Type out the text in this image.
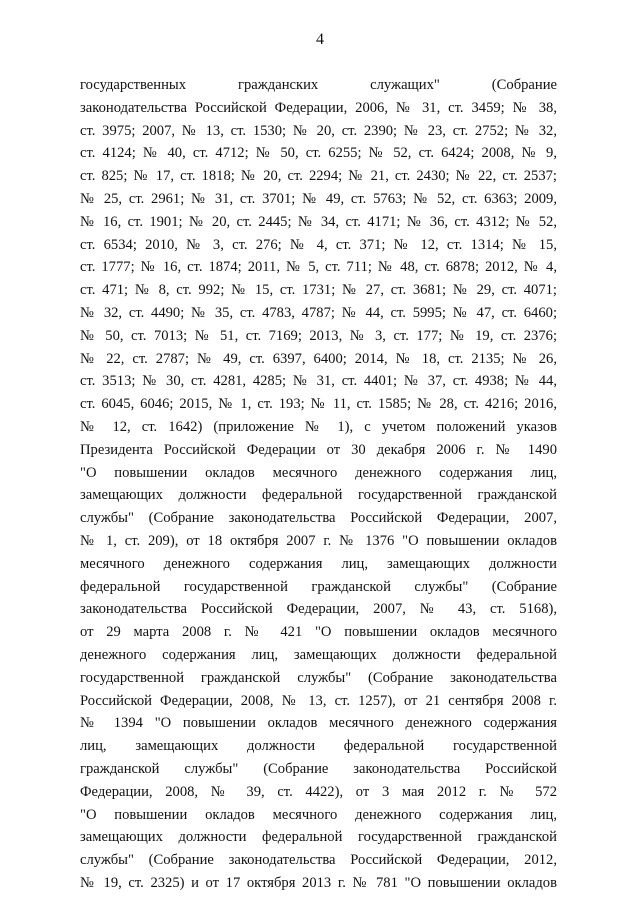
4
государственных гражданских служащих" (Собрание
законодательства Российской Федерации, 2006, № 31, ст. 3459; № 38,
ст. 3975; 2007, № 13, ст. 1530; № 20, ст. 2390; № 23, ст. 2752; № 32,
ст. 4124; № 40, ст. 4712; № 50, ст. 6255; № 52, ст. 6424; 2008, № 9,
ст. 825; № 17, ст. 1818; № 20, ст. 2294; № 21, ст. 2430; № 22, ст. 2537;
№ 25, ст. 2961; № 31, ст. 3701; № 49, ст. 5763; № 52, ст. 6363; 2009,
№ 16, ст. 1901; № 20, ст. 2445; № 34, ст. 4171; № 36, ст. 4312; № 52,
ст. 6534; 2010, № 3, ст. 276; № 4, ст. 371; № 12, ст. 1314; № 15,
ст. 1777; № 16, ст. 1874; 2011, № 5, ст. 711; № 48, ст. 6878; 2012, № 4,
ст. 471; № 8, ст. 992; № 15, ст. 1731; № 27, ст. 3681; № 29, ст. 4071;
№ 32, ст. 4490; № 35, ст. 4783, 4787; № 44, ст. 5995; № 47, ст. 6460;
№ 50, ст. 7013; № 51, ст. 7169; 2013, № 3, ст. 177; № 19, ст. 2376;
№ 22, ст. 2787; № 49, ст. 6397, 6400; 2014, № 18, ст. 2135; № 26,
ст. 3513; № 30, ст. 4281, 4285; № 31, ст. 4401; № 37, ст. 4938; № 44,
ст. 6045, 6046; 2015, № 1, ст. 193; № 11, ст. 1585; № 28, ст. 4216; 2016,
№ 12, ст. 1642) (приложение № 1), с учетом положений указов
Президента Российской Федерации от 30 декабря 2006 г. № 1490
"О повышении окладов месячного денежного содержания лиц,
замещающих должности федеральной государственной гражданской
службы" (Собрание законодательства Российской Федерации, 2007,
№ 1, ст. 209), от 18 октября 2007 г. № 1376 "О повышении окладов
месячного денежного содержания лиц, замещающих должности
федеральной государственной гражданской службы" (Собрание
законодательства Российской Федерации, 2007, № 43, ст. 5168),
от 29 марта 2008 г. № 421 "О повышении окладов месячного
денежного содержания лиц, замещающих должности федеральной
государственной гражданской службы" (Собрание законодательства
Российской Федерации, 2008, № 13, ст. 1257), от 21 сентября 2008 г.
№ 1394 "О повышении окладов месячного денежного содержания
лиц, замещающих должности федеральной государственной
гражданской службы" (Собрание законодательства Российской
Федерации, 2008, № 39, ст. 4422), от 3 мая 2012 г. № 572
"О повышении окладов месячного денежного содержания лиц,
замещающих должности федеральной государственной гражданской
службы" (Собрание законодательства Российской Федерации, 2012,
№ 19, ст. 2325) и от 17 октября 2013 г. № 781 "О повышении окладов
